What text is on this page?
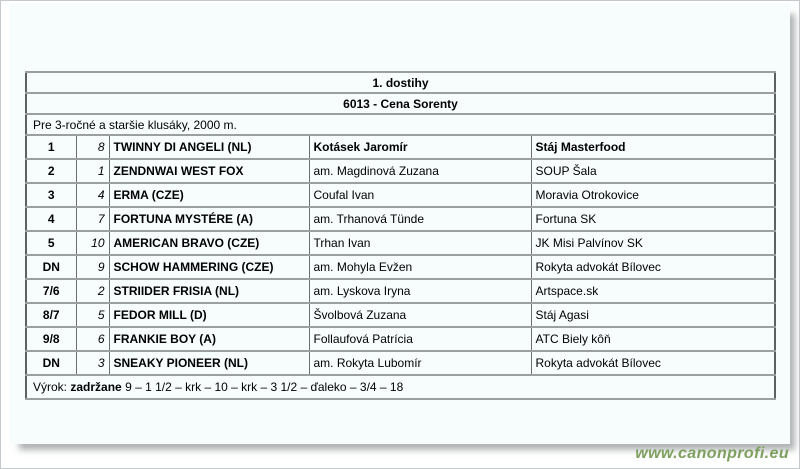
1. dostihy				
6013 - Cena Sorenty				
Pre 3-ročné a staršie klusáky, 2000 m.				
1	8	TWINNY DI ANGELI (NL)	Kotásek Jaromír	Stáj Masterfood
2	1	ZENDNWAI WEST FOX	am. Magdinová Zuzana	SOUP Šala
3	4	ERMA (CZE)	Coufal Ivan	Moravia Otrokovice
4	7	FORTUNA MYSTÉRE (A)	am. Trhanová Tünde	Fortuna SK
5	10	AMERICAN BRAVO (CZE)	Trhan Ivan	JK Misi Palvínov SK
DN	9	SCHOW HAMMERING (CZE)	am. Mohyla Evžen	Rokyta advokát Bílovec
7/6	2	STRIIDER FRISIA (NL)	am. Lyskova Iryna	Artspace.sk
8/7	5	FEDOR MILL (D)	Švolbová Zuzana	Stáj Agasi
9/8	6	FRANKIE BOY (A)	Follaufová Patrícia	ATC Biely kôň
DN	3	SNEAKY PIONEER (NL)	am. Rokyta Lubomír	Rokyta advokát Bílovec
Výrok: zadržane 9 – 1 1/2 – krk – 10 – krk – 3 1/2 – ďaleko – 3/4 – 18				
www.canonprofi.eu
